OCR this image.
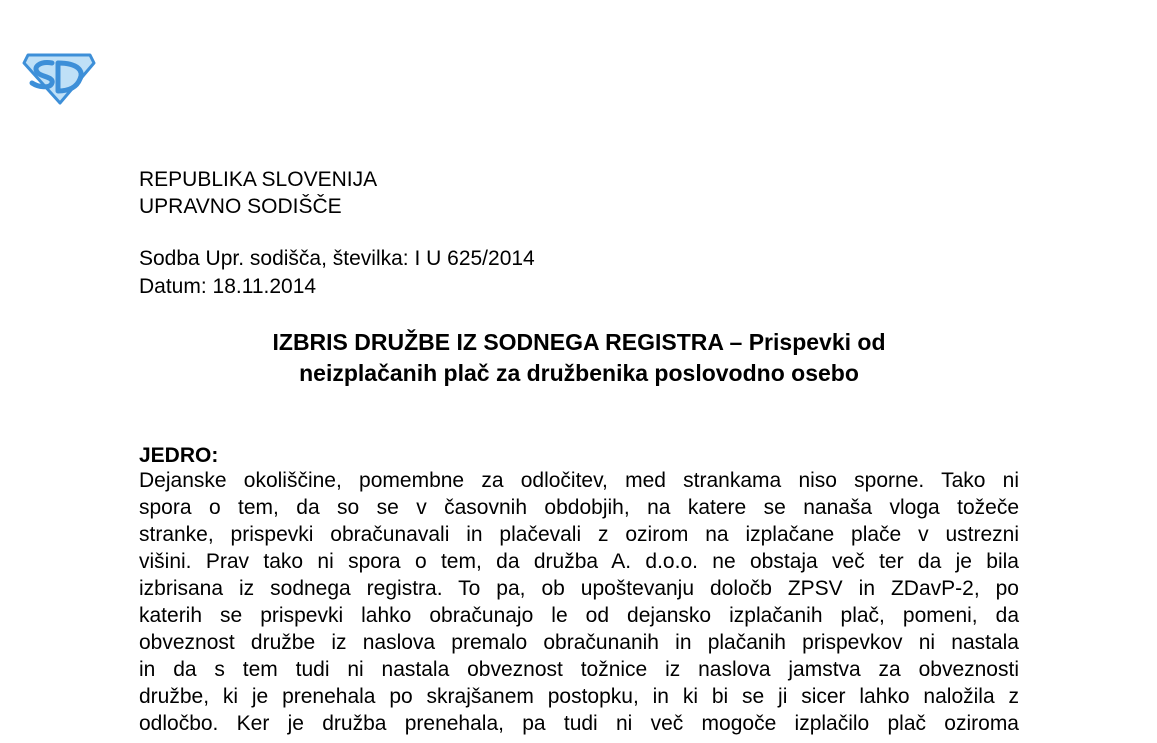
REPUBLIKA SLOVENIJA
UPRAVNO SODIŠČE
Sodba Upr. sodišča, številka: I U 625/2014
Datum: 18.11.2014
IZBRIS DRUŽBE IZ SODNEGA REGISTRA – Prispevki od
neizplačanih plač za družbenika poslovodno osebo
JEDRO:
Dejanske okoliščine, pomembne za odločitev, med strankama niso sporne. Tako ni
spora o tem, da so se v časovnih obdobjih, na katere se nanaša vloga tožeče
stranke, prispevki obračunavali in plačevali z ozirom na izplačane plače v ustrezni
višini. Prav tako ni spora o tem, da družba A. d.o.o. ne obstaja več ter da je bila
izbrisana iz sodnega registra. To pa, ob upoštevanju določb ZPSV in ZDavP-2, po
katerih se prispevki lahko obračunajo le od dejansko izplačanih plač, pomeni, da
obveznost družbe iz naslova premalo obračunanih in plačanih prispevkov ni nastala
in da s tem tudi ni nastala obveznost tožnice iz naslova jamstva za obveznosti
družbe, ki je prenehala po skrajšanem postopku, in ki bi se ji sicer lahko naložila z
odločbo. Ker je družba prenehala, pa tudi ni več mogoče izplačilo plač oziroma
